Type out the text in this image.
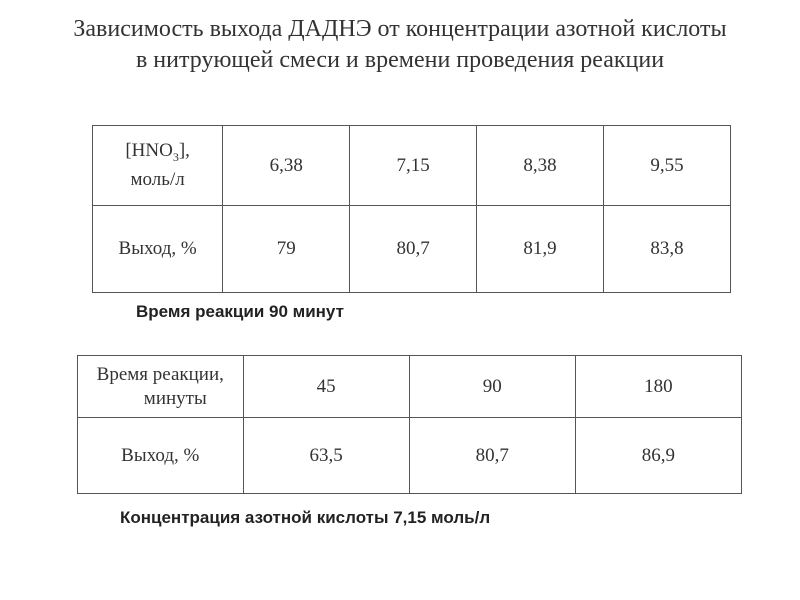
Зависимость выхода ДАДНЭ от концентрации азотной кислоты
в нитрующей смеси и времени проведения реакции
$[HNO_3]$,
моль/л	6,38	7,15	8,38	9,55
Выход, %	79	80,7	81,9	83,8
Время реакции 90 минут
Время реакции,
минуты	45	90	180
Выход, %	63,5	80,7	86,9
Концентрация азотной кислоты 7,15 моль/л
